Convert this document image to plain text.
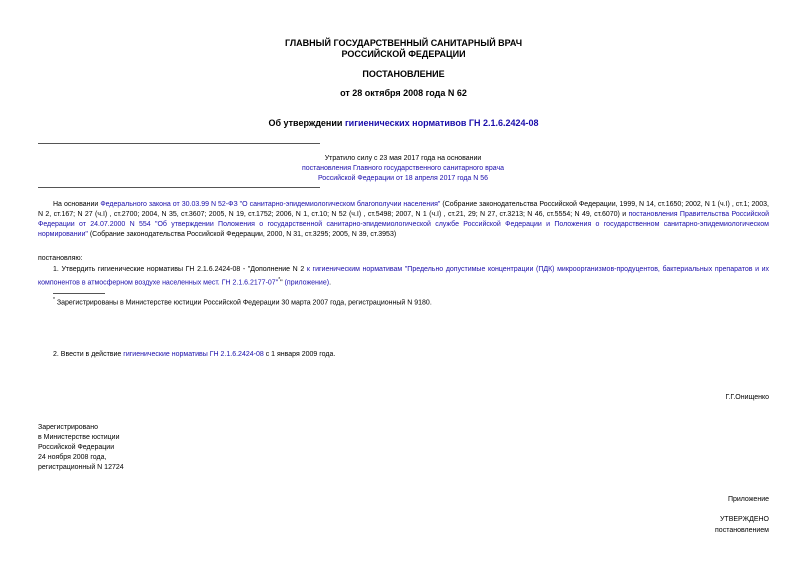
ГЛАВНЫЙ ГОСУДАРСТВЕННЫЙ САНИТАРНЫЙ ВРАЧ
РОССИЙСКОЙ ФЕДЕРАЦИИ
ПОСТАНОВЛЕНИЕ
от 28 октября 2008 года N 62
Об утверждении гигиенических нормативов ГН 2.1.6.2424-08
Утратило силу с 23 мая 2017 года на основании
постановления Главного государственного санитарного врача
Российской Федерации от 18 апреля 2017 года N 56
На основании Федерального закона от 30.03.99 N 52-ФЗ "О санитарно-эпидемиологическом благополучии населения" (Собрание законодательства Российской Федерации, 1999, N 14, ст.1650; 2002, N 1 (ч.I) , ст.1; 2003, N 2, ст.167; N 27 (ч.I) , ст.2700; 2004, N 35, ст.3607; 2005, N 19, ст.1752; 2006, N 1, ст.10; N 52 (ч.I) , ст.5498; 2007, N 1 (ч.I) , ст.21, 29; N 27, ст.3213; N 46, ст.5554; N 49, ст.6070) и постановления Правительства Российской Федерации от 24.07.2000 N 554 "Об утверждении Положения о государственной санитарно-эпидемиологической службе Российской Федерации и Положения о государственном санитарно-эпидемиологическом нормировании" (Собрание законодательства Российской Федерации, 2000, N 31, ст.3295; 2005, N 39, ст.3953)
постановляю:
1. Утвердить гигиенические нормативы ГН 2.1.6.2424-08 - "Дополнение N 2 к гигиеническим нормативам "Предельно допустимые концентрации (ПДК) микроорганизмов-продуцентов, бактериальных препаратов и их компонентов в атмосферном воздухе населенных мест. ГН 2.1.6.2177-07"*" (приложение).
* Зарегистрированы в Министерстве юстиции Российской Федерации 30 марта 2007 года, регистрационный N 9180.
2. Ввести в действие гигиенические нормативы ГН 2.1.6.2424-08 с 1 января 2009 года.
Г.Г.Онищенко
Зарегистрировано
в Министерстве юстиции
Российской Федерации
24 ноября 2008 года,
регистрационный N 12724
Приложение
УТВЕРЖДЕНО
постановлением
